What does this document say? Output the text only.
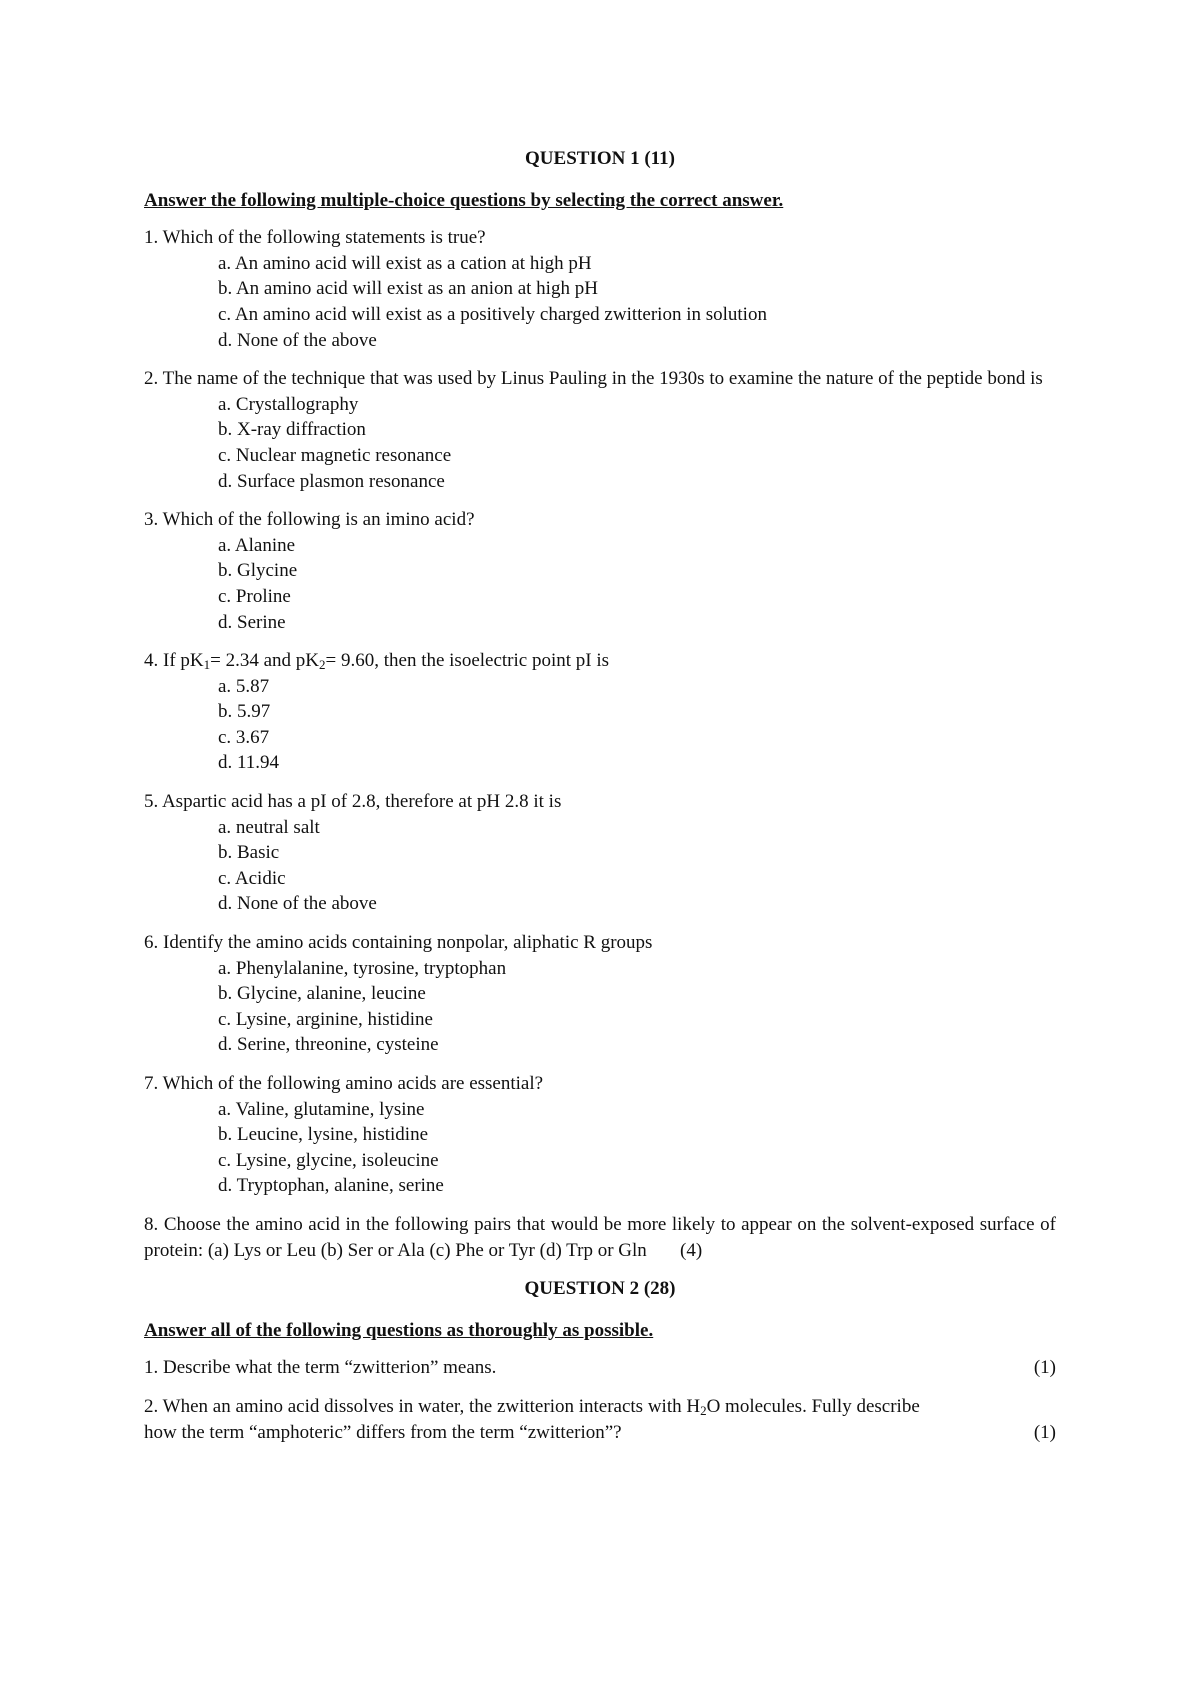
QUESTION 1 (11)

Answer the following multiple-choice questions by selecting the correct answer.

1. Which of the following statements is true?

a. An amino acid will exist as a cation at high pH

b. An amino acid will exist as an anion at high pH

c. An amino acid will exist as a positively charged zwitterion in solution

d. None of the above

2. The name of the technique that was used by Linus Pauling in the 1930s to examine the nature of the peptide bond is

a. Crystallography

b. X-ray diffraction

c. Nuclear magnetic resonance

d. Surface plasmon resonance

3. Which of the following is an imino acid?

a. Alanine

b. Glycine

c. Proline

d. Serine

4. If $pK_1= 2.34$ and $pK_2= 9.60$, then the isoelectric point pI is

a. 5.87

b. 5.97

c. 3.67

d. 11.94

5. Aspartic acid has a pI of 2.8, therefore at pH 2.8 it is

a. neutral salt

b. Basic

c. Acidic

d. None of the above

6. Identify the amino acids containing nonpolar, aliphatic R groups

a. Phenylalanine, tyrosine, tryptophan

b. Glycine, alanine, leucine

c. Lysine, arginine, histidine

d. Serine, threonine, cysteine

7. Which of the following amino acids are essential?

a. Valine, glutamine, lysine

b. Leucine, lysine, histidine

c. Lysine, glycine, isoleucine

d. Tryptophan, alanine, serine

8. Choose the amino acid in the following pairs that would be more likely to appear on the solvent-exposed surface of protein: (a) Lys or Leu (b) Ser or Ala (c) Phe or Tyr (d) Trp or Gln (4)

QUESTION 2 (28)

Answer all of the following questions as thoroughly as possible.

1. Describe what the term “zwitterion” means.	(1)

2. When an amino acid dissolves in water, the zwitterion interacts with $H_2O$ molecules. Fully describe

how the term “amphoteric” differs from the term “zwitterion”?	(1)
